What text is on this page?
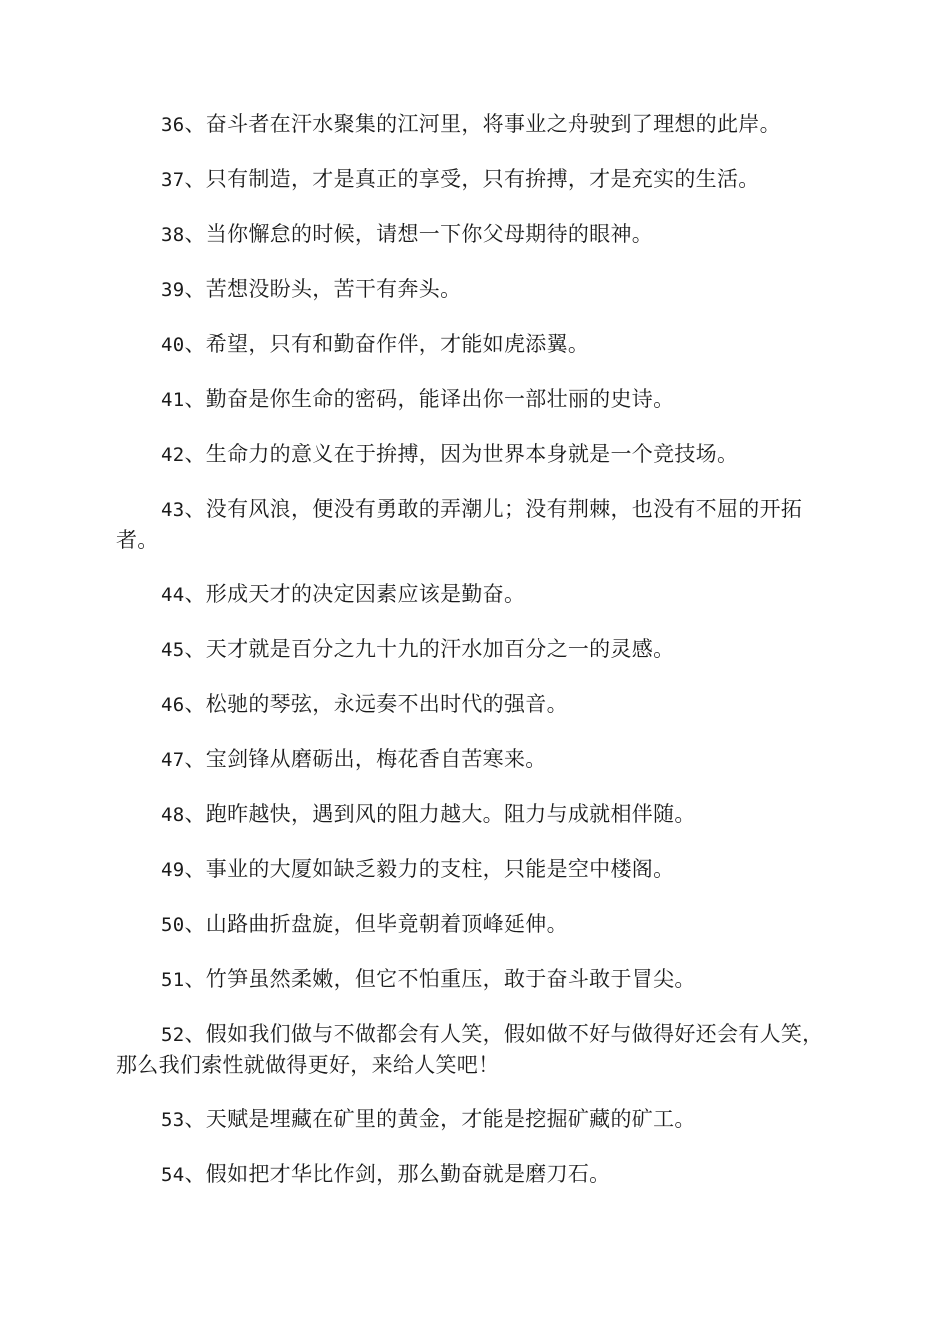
36、奋斗者在汗水聚集的江河里，将事业之舟驶到了理想的此岸。

37、只有制造，才是真正的享受，只有拚搏，才是充实的生活。

38、当你懈怠的时候，请想一下你父母期待的眼神。

39、苦想没盼头，苦干有奔头。

40、希望，只有和勤奋作伴，才能如虎添翼。

41、勤奋是你生命的密码，能译出你一部壮丽的史诗。

42、生命力的意义在于拚搏，因为世界本身就是一个竞技场。

43、没有风浪，便没有勇敢的弄潮儿；没有荆棘，也没有不屈的开拓者。

44、形成天才的决定因素应该是勤奋。

45、天才就是百分之九十九的汗水加百分之一的灵感。

46、松驰的琴弦，永远奏不出时代的强音。

47、宝剑锋从磨砺出，梅花香自苦寒来。

48、跑昨越快，遇到风的阻力越大。阻力与成就相伴随。

49、事业的大厦如缺乏毅力的支柱，只能是空中楼阁。

50、山路曲折盘旋，但毕竟朝着顶峰延伸。

51、竹笋虽然柔嫩，但它不怕重压，敢于奋斗敢于冒尖。

52、假如我们做与不做都会有人笑，假如做不好与做得好还会有人笑，那么我们索性就做得更好，来给人笑吧！

53、天赋是埋藏在矿里的黄金，才能是挖掘矿藏的矿工。

54、假如把才华比作剑，那么勤奋就是磨刀石。
